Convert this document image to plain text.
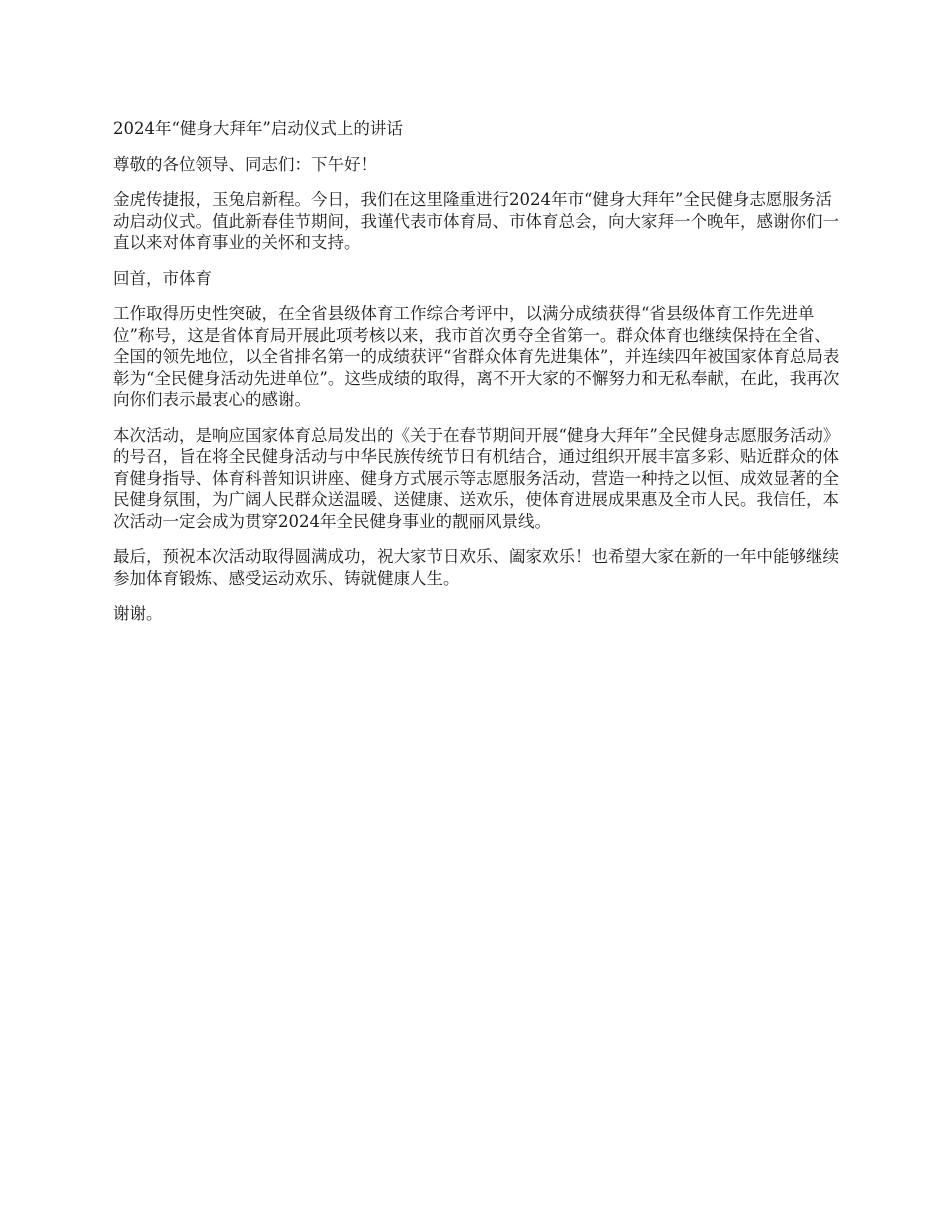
2024年“健身大拜年”启动仪式上的讲话

尊敬的各位领导、同志们：下午好！

金虎传捷报，玉兔启新程。今日，我们在这里隆重进行2024年市“健身大拜年”全民健身志愿服务活动启动仪式。值此新春佳节期间，我谨代表市体育局、市体育总会，向大家拜一个晚年，感谢你们一直以来对体育事业的关怀和支持。

回首，市体育

工作取得历史性突破，在全省县级体育工作综合考评中，以满分成绩获得“省县级体育工作先进单位”称号，这是省体育局开展此项考核以来，我市首次勇夺全省第一。群众体育也继续保持在全省、全国的领先地位，以全省排名第一的成绩获评“省群众体育先进集体”，并连续四年被国家体育总局表彰为“全民健身活动先进单位”。这些成绩的取得，离不开大家的不懈努力和无私奉献，在此，我再次向你们表示最衷心的感谢。

本次活动，是响应国家体育总局发出的《关于在春节期间开展“健身大拜年”全民健身志愿服务活动》的号召，旨在将全民健身活动与中华民族传统节日有机结合，通过组织开展丰富多彩、贴近群众的体育健身指导、体育科普知识讲座、健身方式展示等志愿服务活动，营造一种持之以恒、成效显著的全民健身氛围，为广阔人民群众送温暖、送健康、送欢乐，使体育进展成果惠及全市人民。我信任，本次活动一定会成为贯穿2024年全民健身事业的靓丽风景线。

最后，预祝本次活动取得圆满成功，祝大家节日欢乐、阖家欢乐！也希望大家在新的一年中能够继续参加体育锻炼、感受运动欢乐、铸就健康人生。

谢谢。
